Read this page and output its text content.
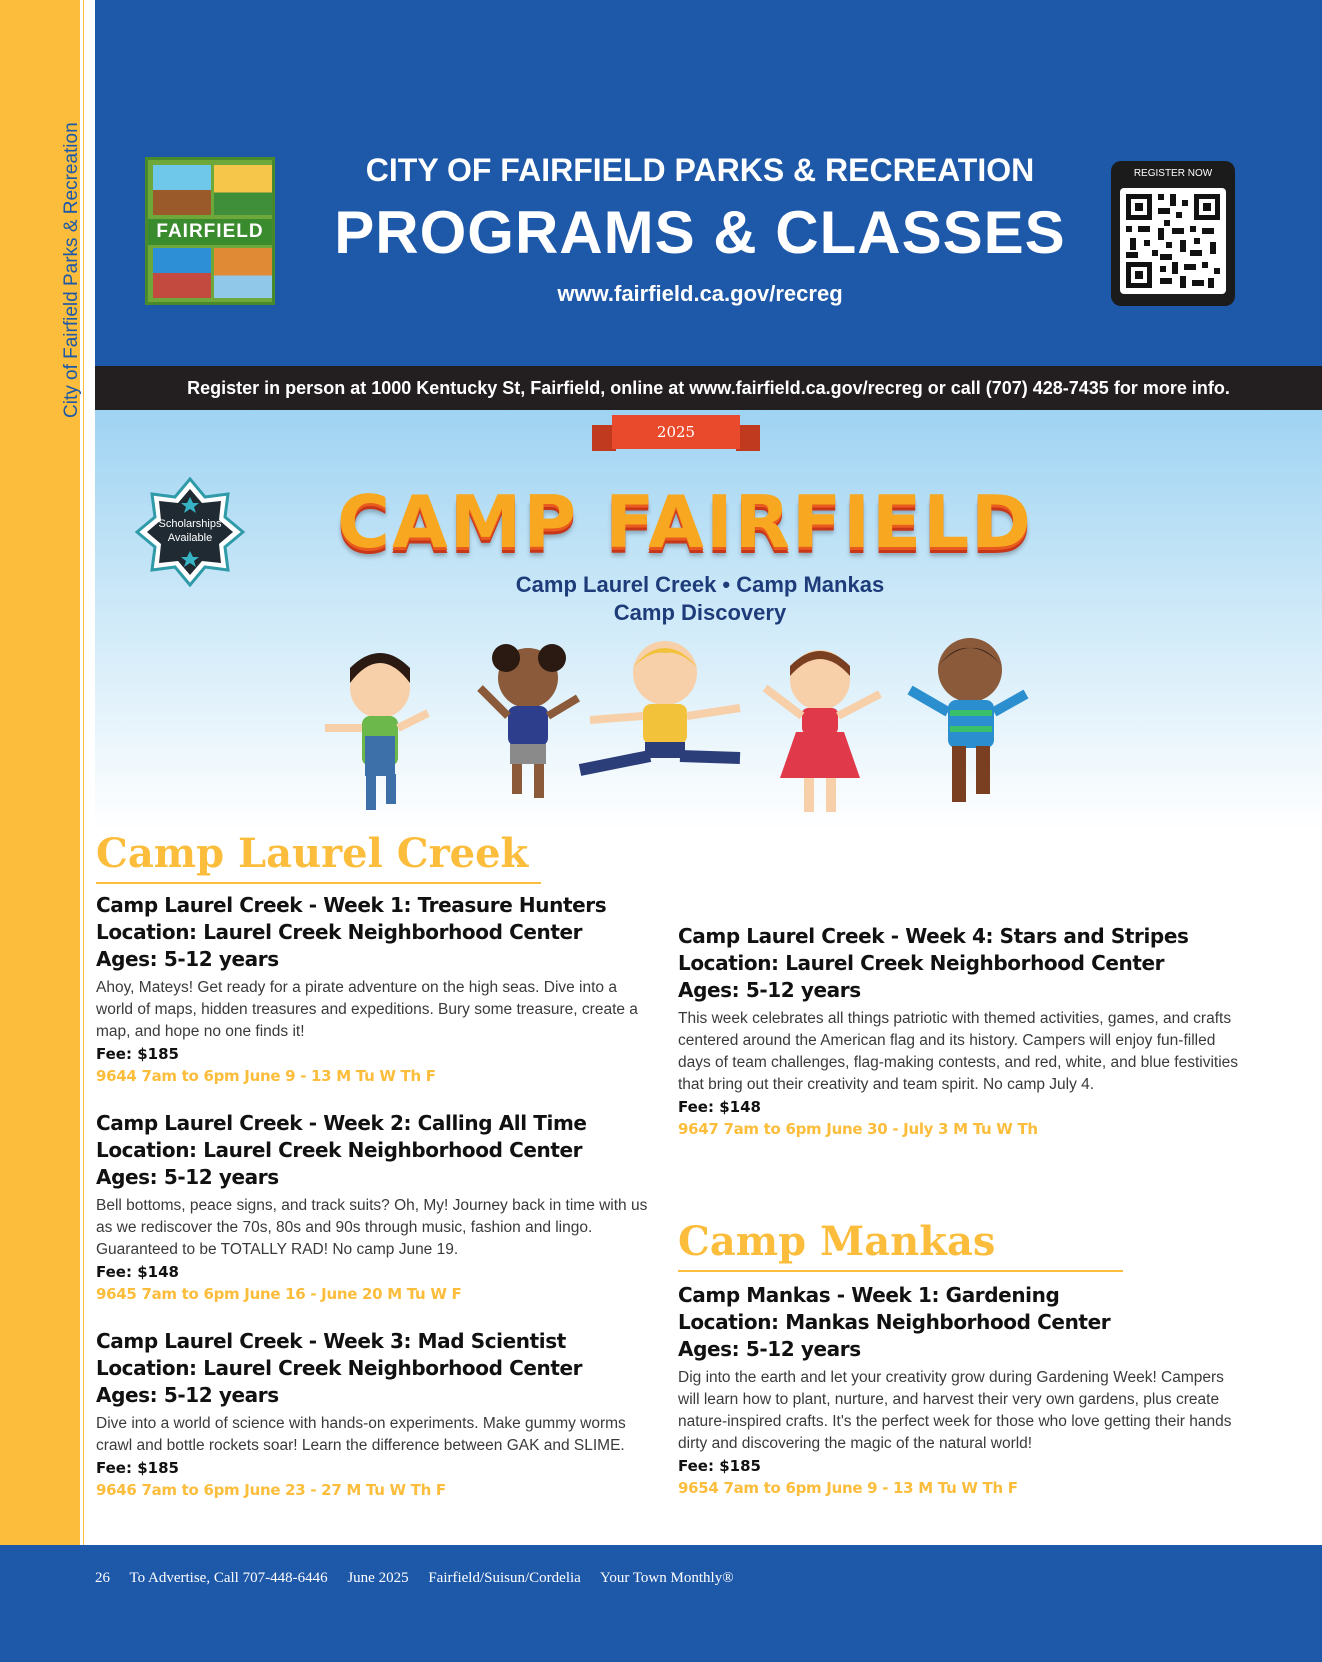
City of Fairfield Parks & Recreation	FAIRFIELD
CITY OF FAIRFIELD PARKS & RECREATION
PROGRAMS & CLASSES
www.fairfield.ca.gov/recreg
REGISTER NOW
Register in person at 1000 Kentucky St, Fairfield, online at www.fairfield.ca.gov/recreg or call (707) 428-7435 for more info.
2025
Scholarships
Available	CAMP FAIRFIELD
Camp Laurel Creek • Camp Mankas
Camp Discovery
Camp Laurel Creek
Camp Laurel Creek - Week 1: Treasure Hunters
Location: Laurel Creek Neighborhood Center
Ages: 5-12 years
Ahoy, Mateys! Get ready for a pirate adventure on the high seas. Dive into a world of maps, hidden treasures and expeditions. Bury some treasure, create a map, and hope no one finds it!
Fee: $185
9644 7am to 6pm June 9 - 13 M Tu W Th F
Camp Laurel Creek - Week 2: Calling All Time
Location: Laurel Creek Neighborhood Center
Ages: 5-12 years
Bell bottoms, peace signs, and track suits? Oh, My! Journey back in time with us as we rediscover the 70s, 80s and 90s through music, fashion and lingo. Guaranteed to be TOTALLY RAD! No camp June 19.
Fee: $148
9645 7am to 6pm June 16 - June 20 M Tu W F
Camp Laurel Creek - Week 3: Mad Scientist
Location: Laurel Creek Neighborhood Center
Ages: 5-12 years
Dive into a world of science with hands-on experiments. Make gummy worms crawl and bottle rockets soar! Learn the difference between GAK and SLIME.
Fee: $185
9646 7am to 6pm June 23 - 27 M Tu W Th F
Camp Laurel Creek - Week 4: Stars and Stripes
Location: Laurel Creek Neighborhood Center
Ages: 5-12 years
This week celebrates all things patriotic with themed activities, games, and crafts centered around the American flag and its history. Campers will enjoy fun-filled days of team challenges, flag-making contests, and red, white, and blue festivities that bring out their creativity and team spirit. No camp July 4.
Fee: $148
9647 7am to 6pm June 30 - July 3 M Tu W Th
Camp Mankas
Camp Mankas - Week 1: Gardening
Location: Mankas Neighborhood Center
Ages: 5-12 years
Dig into the earth and let your creativity grow during Gardening Week! Campers will learn how to plant, nurture, and harvest their very own gardens, plus create nature-inspired crafts. It's the perfect week for those who love getting their hands dirty and discovering the magic of the natural world!
Fee: $185
9654 7am to 6pm June 9 - 13 M Tu W Th F
26 To Advertise, Call 707-448-6446 June 2025 Fairfield/Suisun/Cordelia Your Town Monthly®
